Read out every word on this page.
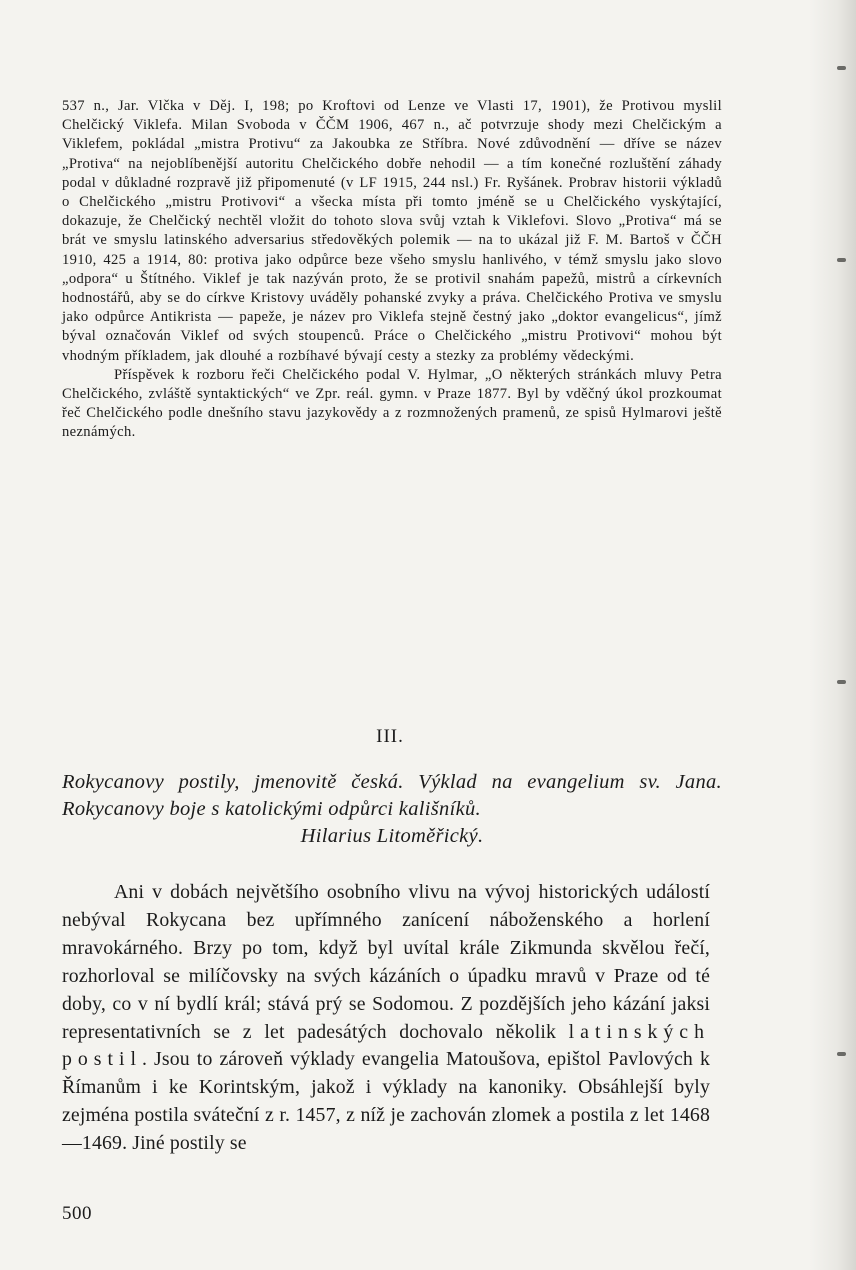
537 n., Jar. Vlčka v Děj. I, 198; po Kroftovi od Lenze ve Vlasti 17, 1901), že Protivou myslil Chelčický Viklefa. Milan Svoboda v ČČM 1906, 467 n., ač potvrzuje shody mezi Chelčickým a Viklefem, pokládal „mistra Protivu“ za Jakoubka ze Stříbra. Nové zdůvodnění — dříve se název „Protiva“ na nejoblíbenější autoritu Chelčického dobře nehodil — a tím konečné rozluštění záhady podal v důkladné rozpravě již připomenuté (v LF 1915, 244 nsl.) Fr. Ryšánek. Probrav historii výkladů o Chelčického „mistru Protivovi“ a všecka místa při tomto jméně se u Chelčického vyskýtající, dokazuje, že Chelčický nechtěl vložit do tohoto slova svůj vztah k Viklefovi. Slovo „Protiva“ má se brát ve smyslu latinského adversarius středověkých polemik — na to ukázal již F. M. Bartoš v ČČH 1910, 425 a 1914, 80: protiva jako odpůrce beze všeho smyslu hanlivého, v témž smyslu jako slovo „odpora“ u Štítného. Viklef je tak nazýván proto, že se protivil snahám papežů, mistrů a církevních hodnostářů, aby se do církve Kristovy uváděly pohanské zvyky a práva. Chelčického Protiva ve smyslu jako odpůrce Antikrista — papeže, je název pro Viklefa stejně čestný jako „doktor evangelicus“, jímž býval označován Viklef od svých stoupenců. Práce o Chelčického „mistru Protivovi“ mohou být vhodným příkladem, jak dlouhé a rozbíhavé bývají cesty a stezky za problémy vědeckými.

Příspěvek k rozboru řeči Chelčického podal V. Hylmar, „O některých stránkách mluvy Petra Chelčického, zvláště syntaktických“ ve Zpr. reál. gymn. v Praze 1877. Byl by vděčný úkol prozkoumat řeč Chelčického podle dnešního stavu jazykovědy a z rozmnožených pramenů, ze spisů Hylmarovi ještě neznámých.

III.
Rokycanovy postily, jmenovitě česká. Výklad na evangelium sv. Jana. Rokycanovy boje s katolickými odpůrci kališníků.
Hilarius Litoměřický.

Ani v dobách největšího osobního vlivu na vývoj historických událostí nebýval Rokycana bez upřímného zanícení náboženského a horlení mravokárného. Brzy po tom, když byl uvítal krále Zikmunda skvělou řečí, rozhorloval se milíčovsky na svých kázáních o úpadku mravů v Praze od té doby, co v ní bydlí král; stává prý se Sodomou. Z pozdějších jeho kázání jaksi representativních se z let padesátých dochovalo několik latinských postil. Jsou to zároveň výklady evangelia Matoušova, epištol Pavlových k Římanům i ke Korintským, jakož i výklady na kanoniky. Obsáhlejší byly zejména postila sváteční z r. 1457, z níž je zachován zlomek a postila z let 1468—1469. Jiné postily se

500
